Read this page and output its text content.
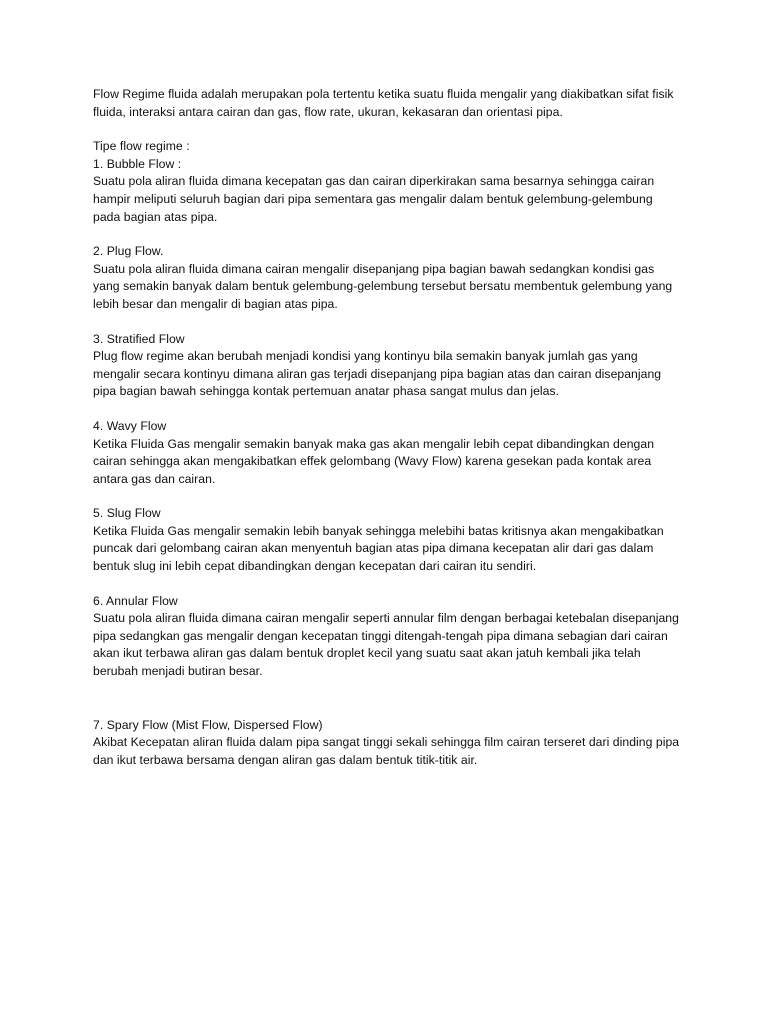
Flow Regime fluida adalah merupakan pola tertentu ketika suatu fluida mengalir yang diakibatkan sifat fisik fluida, interaksi antara cairan dan gas, flow rate, ukuran, kekasaran dan orientasi pipa.

Tipe flow regime :

1. Bubble Flow :
Suatu pola aliran fluida dimana kecepatan gas dan cairan diperkirakan sama besarnya sehingga cairan hampir meliputi seluruh bagian dari pipa sementara gas mengalir dalam bentuk gelembung-gelembung pada bagian atas pipa.
2. Plug Flow.
Suatu pola aliran fluida dimana cairan mengalir disepanjang pipa bagian bawah sedangkan kondisi gas yang semakin banyak dalam bentuk gelembung-gelembung tersebut bersatu membentuk gelembung yang lebih besar dan mengalir di bagian atas pipa.
3. Stratified Flow
Plug flow regime akan berubah menjadi kondisi yang kontinyu bila semakin banyak jumlah gas yang mengalir secara kontinyu dimana aliran gas terjadi disepanjang pipa bagian atas dan cairan disepanjang pipa bagian bawah sehingga kontak pertemuan anatar phasa sangat mulus dan jelas.
4. Wavy Flow
Ketika Fluida Gas mengalir semakin banyak maka gas akan mengalir lebih cepat dibandingkan dengan cairan sehingga akan mengakibatkan effek gelombang (Wavy Flow) karena gesekan pada kontak area antara gas dan cairan.
5. Slug Flow
Ketika Fluida Gas mengalir semakin lebih banyak sehingga melebihi batas kritisnya akan mengakibatkan puncak dari gelombang cairan akan menyentuh bagian atas pipa dimana kecepatan alir dari gas dalam bentuk slug ini lebih cepat dibandingkan dengan kecepatan dari cairan itu sendiri.
6. Annular Flow
Suatu pola aliran fluida dimana cairan mengalir seperti annular film dengan berbagai ketebalan disepanjang pipa sedangkan gas mengalir dengan kecepatan tinggi ditengah-tengah pipa dimana sebagian dari cairan akan ikut terbawa aliran gas dalam bentuk droplet kecil yang suatu saat akan jatuh kembali jika telah berubah menjadi butiran besar.
7. Spary Flow (Mist Flow, Dispersed Flow)
Akibat Kecepatan aliran fluida dalam pipa sangat tinggi sekali sehingga film cairan terseret dari dinding pipa dan ikut terbawa bersama dengan aliran gas dalam bentuk titik-titik air.
